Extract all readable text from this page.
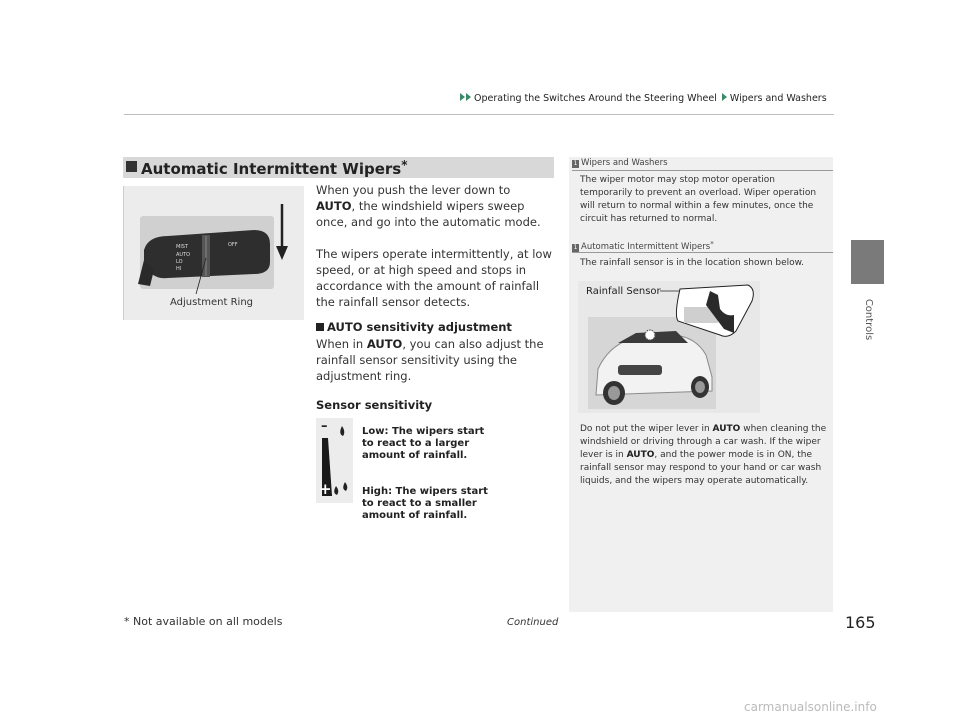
Operating the Switches Around the Steering Wheel Wipers and Washers
Controls
Automatic Intermittent Wipers*
MIST	OFF
AUTO
LO
HI
Adjustment Ring
When you push the lever down to AUTO, the windshield wipers sweep once, and go into the automatic mode.
The wipers operate intermittently, at low speed, or at high speed and stops in accordance with the amount of rainfall the rainfall sensor detects.
AUTO sensitivity adjustment
When in AUTO, you can also adjust the rainfall sensor sensitivity using the adjustment ring.
Sensor sensitivity
–
+
Low: The wipers start to react to a larger amount of rainfall.
High: The wipers start to react to a smaller amount of rainfall.
1 Wipers and Washers
The wiper motor may stop motor operation temporarily to prevent an overload. Wiper operation will return to normal within a few minutes, once the circuit has returned to normal.
1 Automatic Intermittent Wipers*
The rainfall sensor is in the location shown below.
Rainfall Sensor
Do not put the wiper lever in AUTO when cleaning the windshield or driving through a car wash. If the wiper lever is in AUTO, and the power mode is in ON, the rainfall sensor may respond to your hand or car wash liquids, and the wipers may operate automatically.
Continued
* Not available on all models	165
carmanualsonline.info
